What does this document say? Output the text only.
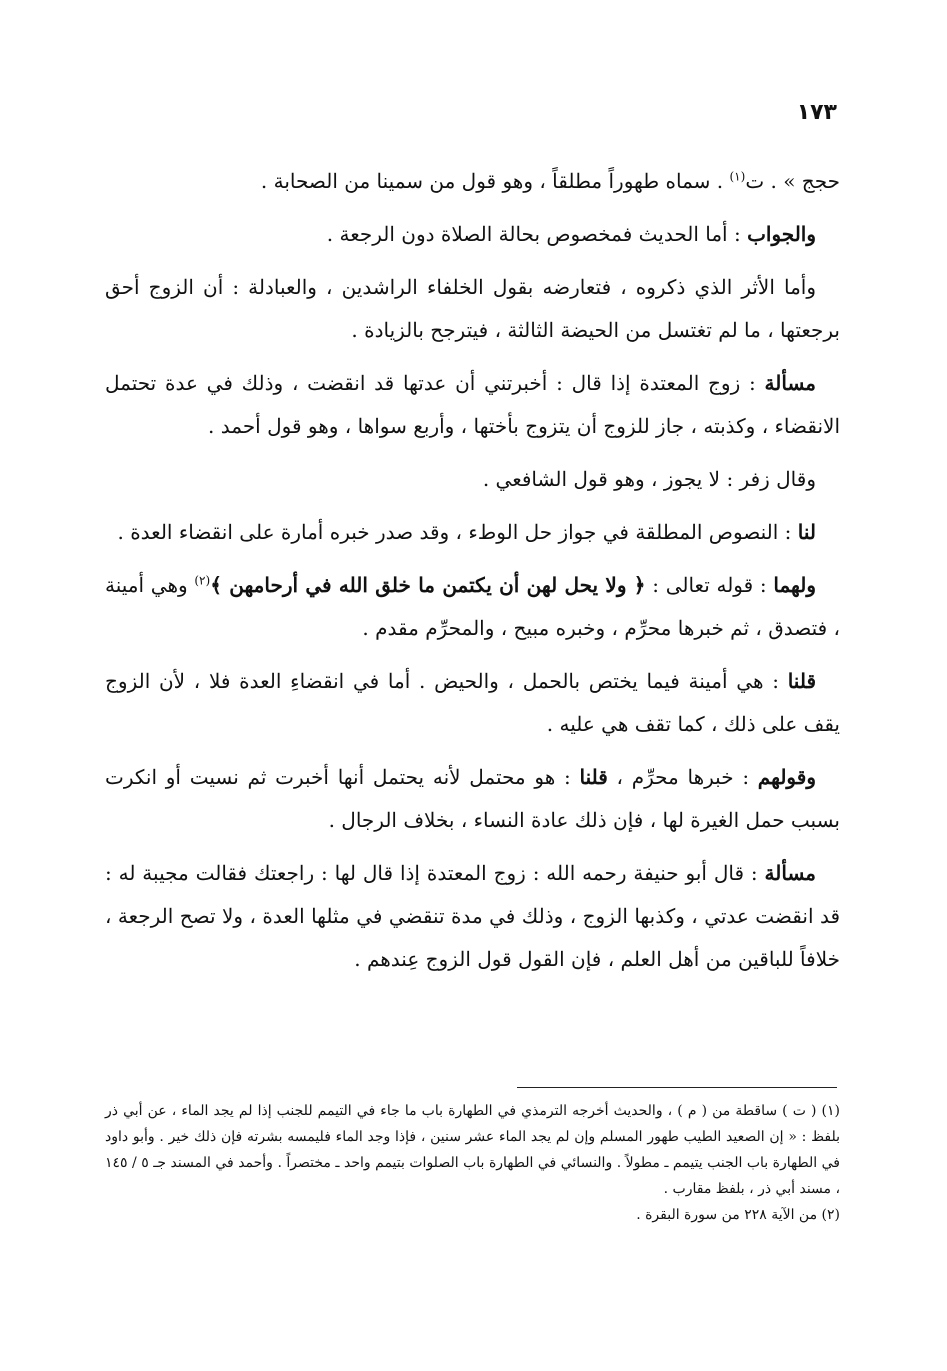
١٧٣

حجج » . ت$^{(١)}$ . سماه طهوراً مطلقاً ، وهو قول من سمينا من الصحابة .

والجواب : أما الحديث فمخصوص بحالة الصلاة دون الرجعة .

وأما الأثر الذي ذكروه ، فتعارضه بقول الخلفاء الراشدين ، والعبادلة : أن الزوج أحق برجعتها ، ما لم تغتسل من الحيضة الثالثة ، فيترجح بالزيادة .

مسألة : زوج المعتدة إذا قال : أخبرتني أن عدتها قد انقضت ، وذلك في عدة تحتمل الانقضاء ، وكذبته ، جاز للزوج أن يتزوج بأختها ، وأربع سواها ، وهو قول أحمد .

وقال زفر : لا يجوز ، وهو قول الشافعي .

لنا : النصوص المطلقة في جواز حل الوطء ، وقد صدر خبره أمارة على انقضاء العدة .

ولهما : قوله تعالى : ﴿ ولا يحل لهن أن يكتمن ما خلق الله في أرحامهن ﴾$^{(٢)}$ وهي أمينة ، فتصدق ، ثم خبرها محرِّم ، وخبره مبيح ، والمحرِّم مقدم .

قلنا : هي أمينة فيما يختص بالحمل ، والحيض . أما في انقضاءِ العدة فلا ، لأن الزوج يقف على ذلك ، كما تقف هي عليه .

وقولهم : خبرها محرِّم ، قلنا : هو محتمل لأنه يحتمل أنها أخبرت ثم نسيت أو انكرت بسبب حمل الغيرة لها ، فإن ذلك عادة النساء ، بخلاف الرجال .

مسألة : قال أبو حنيفة رحمه الله : زوج المعتدة إذا قال لها : راجعتك فقالت مجيبة له : قد انقضت عدتي ، وكذبها الزوج ، وذلك في مدة تنقضي في مثلها العدة ، ولا تصح الرجعة ، خلافاً للباقين من أهل العلم ، فإن القول قول الزوج عِندهم .

(١) ( ت ) ساقطة من ( م ) ، والحديث أخرجه الترمذي في الطهارة باب ما جاء في التيمم للجنب إذا لم يجد الماء ، عن أبي ذر بلفظ : « إن الصعيد الطيب طهور المسلم وإن لم يجد الماء عشر سنين ، فإذا وجد الماء فليمسه بشرته فإن ذلك خير . وأبو داود في الطهارة باب الجنب يتيمم ـ مطولاً . والنسائي في الطهارة باب الصلوات بتيمم واحد ـ مختصراً . وأحمد في المسند جـ ٥ / ١٤٥ ، مسند أبي ذر ، بلفظ مقارب .

(٢) من الآية ٢٢٨ من سورة البقرة .
